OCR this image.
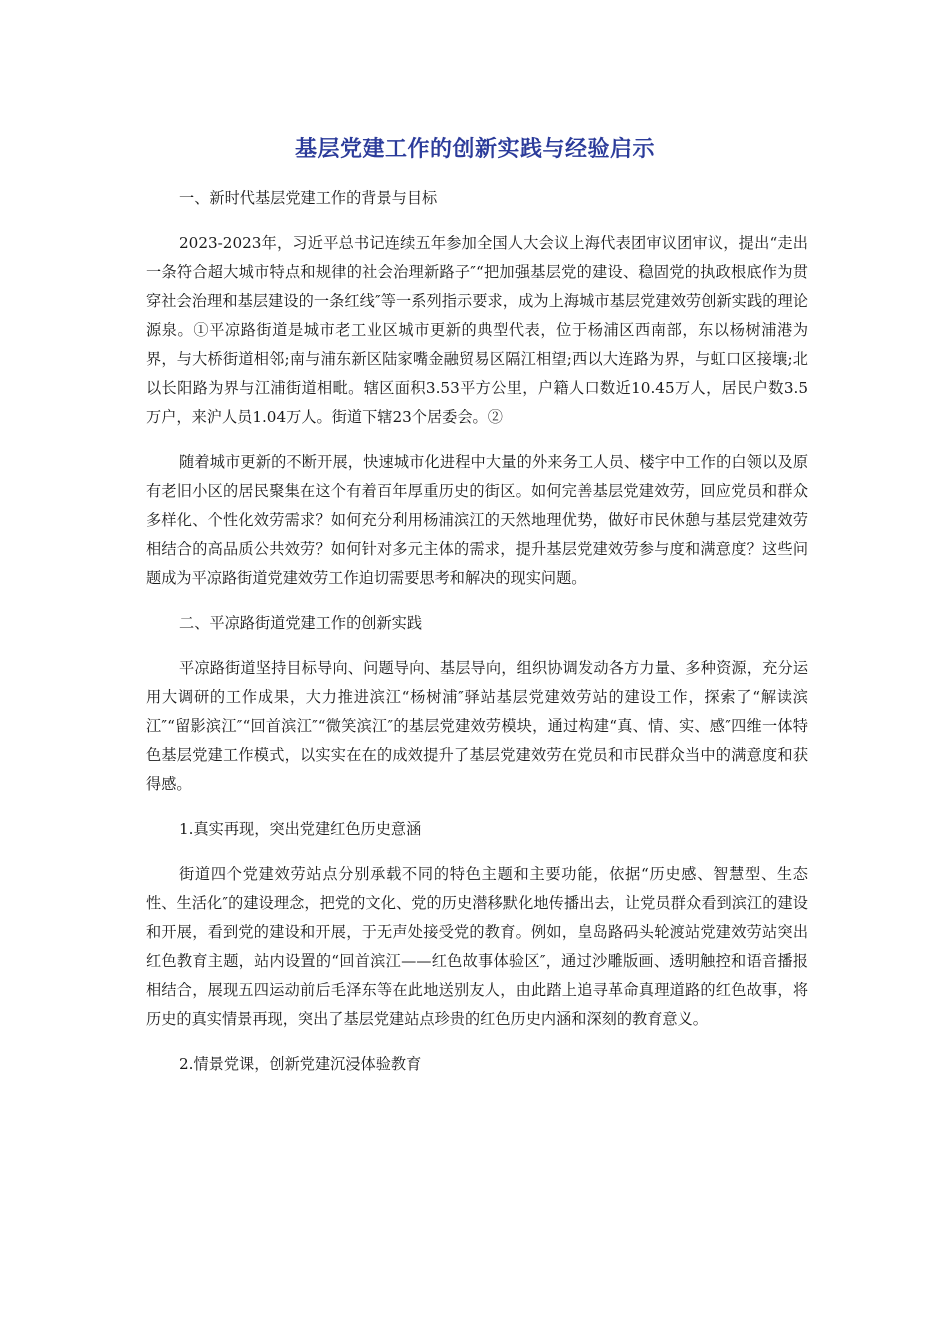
基层党建工作的创新实践与经验启示

一、新时代基层党建工作的背景与目标

2023-2023年，习近平总书记连续五年参加全国人大会议上海代表团审议团审议，提出“走出一条符合超大城市特点和规律的社会治理新路子″“把加强基层党的建设、稳固党的执政根底作为贯穿社会治理和基层建设的一条红线″等一系列指示要求，成为上海城市基层党建效劳创新实践的理论源泉。①平凉路街道是城市老工业区城市更新的典型代表，位于杨浦区西南部，东以杨树浦港为界，与大桥街道相邻;南与浦东新区陆家嘴金融贸易区隔江相望;西以大连路为界，与虹口区接壤;北以长阳路为界与江浦街道相毗。辖区面积3.53平方公里，户籍人口数近10.45万人，居民户数3.5万户，来沪人员1.04万人。街道下辖23个居委会。②

随着城市更新的不断开展，快速城市化进程中大量的外来务工人员、楼宇中工作的白领以及原有老旧小区的居民聚集在这个有着百年厚重历史的街区。如何完善基层党建效劳，回应党员和群众多样化、个性化效劳需求？如何充分利用杨浦滨江的天然地理优势，做好市民休憩与基层党建效劳相结合的高品质公共效劳？如何针对多元主体的需求，提升基层党建效劳参与度和满意度？这些问题成为平凉路街道党建效劳工作迫切需要思考和解决的现实问题。

二、平凉路街道党建工作的创新实践

平凉路街道坚持目标导向、问题导向、基层导向，组织协调发动各方力量、多种资源，充分运用大调研的工作成果，大力推进滨江“杨树浦″驿站基层党建效劳站的建设工作，探索了“解读滨江″“留影滨江″“回首滨江″“微笑滨江″的基层党建效劳模块，通过构建“真、情、实、感″四维一体特色基层党建工作模式，以实实在在的成效提升了基层党建效劳在党员和市民群众当中的满意度和获得感。

1.真实再现，突出党建红色历史意涵

街道四个党建效劳站点分别承载不同的特色主题和主要功能，依据“历史感、智慧型、生态性、生活化″的建设理念，把党的文化、党的历史潜移默化地传播出去，让党员群众看到滨江的建设和开展，看到党的建设和开展，于无声处接受党的教育。例如，皇岛路码头轮渡站党建效劳站突出红色教育主题，站内设置的“回首滨江——红色故事体验区″，通过沙雕版画、透明触控和语音播报相结合，展现五四运动前后毛泽东等在此地送别友人，由此踏上追寻革命真理道路的红色故事，将历史的真实情景再现，突出了基层党建站点珍贵的红色历史内涵和深刻的教育意义。

2.情景党课，创新党建沉浸体验教育
